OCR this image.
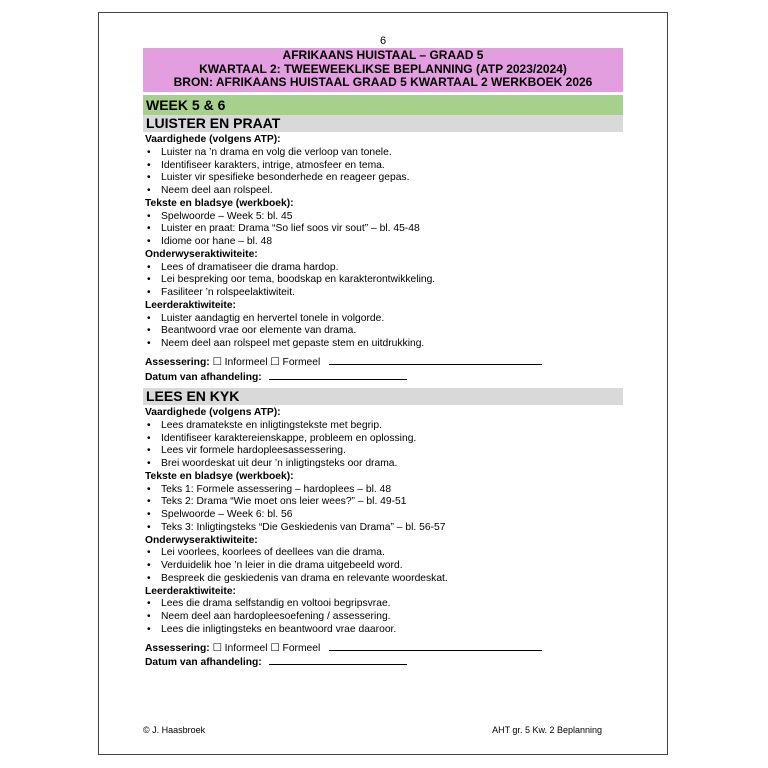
6
AFRIKAANS HUISTAAL – GRAAD 5
KWARTAAL 2: TWEEWEEKLIKSE BEPLANNING (ATP 2023/2024)
BRON: AFRIKAANS HUISTAAL GRAAD 5 KWARTAAL 2 WERKBOEK 2026
WEEK 5 & 6
LUISTER EN PRAAT
Vaardighede (volgens ATP):
• Luister na ’n drama en volg die verloop van tonele.
• Identifiseer karakters, intrige, atmosfeer en tema.
• Luister vir spesifieke besonderhede en reageer gepas.
• Neem deel aan rolspeel.
Tekste en bladsye (werkboek):
• Spelwoorde – Week 5: bl. 45
• Luister en praat: Drama “So lief soos vir sout” – bl. 45-48
• Idiome oor hane – bl. 48
Onderwyseraktiwiteite:
• Lees of dramatiseer die drama hardop.
• Lei bespreking oor tema, boodskap en karakterontwikkeling.
• Fasiliteer ’n rolspeelaktiwiteit.
Leerderaktiwiteite:
• Luister aandagtig en hervertel tonele in volgorde.
• Beantwoord vrae oor elemente van drama.
• Neem deel aan rolspeel met gepaste stem en uitdrukking.
Assessering: ☐ Informeel ☐ Formeel
Datum van afhandeling:
LEES EN KYK
Vaardighede (volgens ATP):
• Lees dramatekste en inligtingstekste met begrip.
• Identifiseer karaktereienskappe, probleem en oplossing.
• Lees vir formele hardopleesassessering.
• Brei woordeskat uit deur ’n inligtingsteks oor drama.
Tekste en bladsye (werkboek):
• Teks 1: Formele assessering – hardoplees – bl. 48
• Teks 2: Drama “Wie moet ons leier wees?” – bl. 49-51
• Spelwoorde – Week 6: bl. 56
• Teks 3: Inligtingsteks “Die Geskiedenis van Drama” – bl. 56-57
Onderwyseraktiwiteite:
• Lei voorlees, koorlees of deellees van die drama.
• Verduidelik hoe ’n leier in die drama uitgebeeld word.
• Bespreek die geskiedenis van drama en relevante woordeskat.
Leerderaktiwiteite:
• Lees die drama selfstandig en voltooi begripsvrae.
• Neem deel aan hardopleesoefening / assessering.
• Lees die inligtingsteks en beantwoord vrae daaroor.
Assessering: ☐ Informeel ☐ Formeel
Datum van afhandeling:
© J. Haasbroek	AHT gr. 5 Kw. 2 Beplanning
